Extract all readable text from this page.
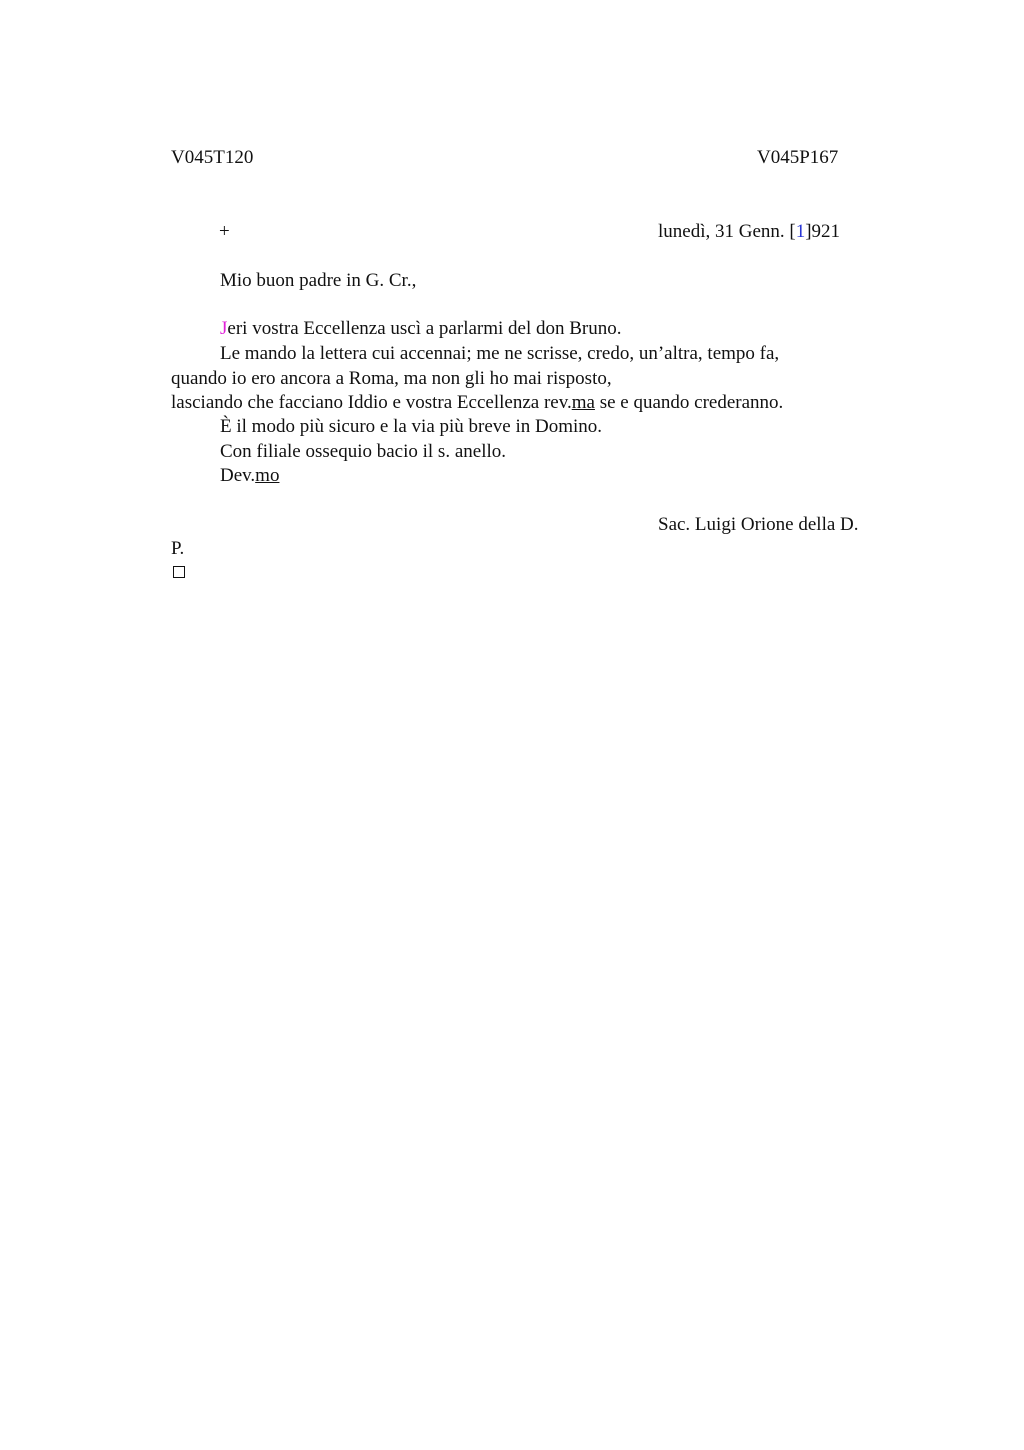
V045T120	V045P167
+	lunedì, 31 Genn. [1]921
Mio buon padre in G. Cr.,
Jeri vostra Eccellenza uscì a parlarmi del don Bruno.
Le mando la lettera cui accennai; me ne scrisse, credo, un’altra, tempo fa,
quando io ero ancora a Roma, ma non gli ho mai risposto,
lasciando che facciano Iddio e vostra Eccellenza rev.ma se e quando crederanno.
È il modo più sicuro e la via più breve in Domino.
Con filiale ossequio bacio il s. anello.
Dev.mo
Sac. Luigi Orione della D.
P.
